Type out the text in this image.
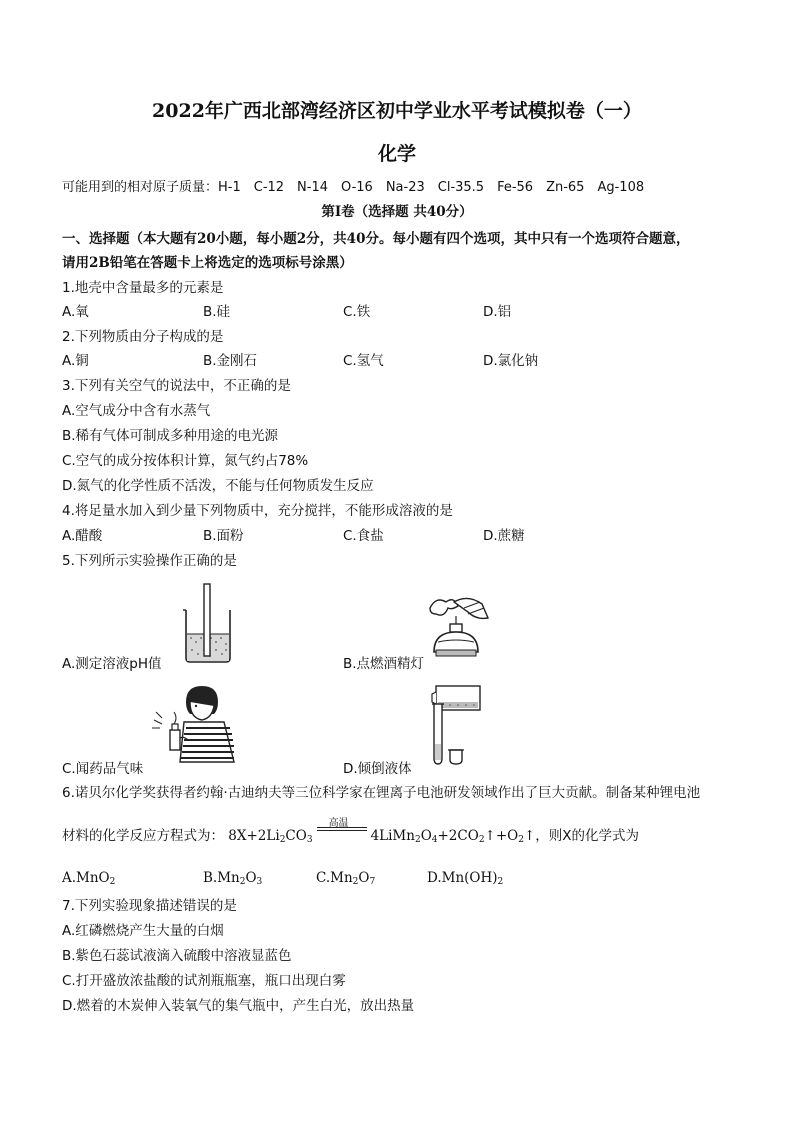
2022年广西北部湾经济区初中学业水平考试模拟卷（一）
化学
可能用到的相对原子质量：H-1　C-12　N-14　O-16　Na-23　Cl-35.5　Fe-56　Zn-65　Ag-108
第Ⅰ卷（选择题 共40分）
一、选择题（本大题有20小题，每小题2分，共40分。每小题有四个选项，其中只有一个选项符合题意，
请用2B铅笔在答题卡上将选定的选项标号涂黑）
1.地壳中含量最多的元素是
A.氧	B.硅	C.铁	D.铝
2.下列物质由分子构成的是
A.铜	B.金刚石	C.氢气	D.氯化钠
3.下列有关空气的说法中，不正确的是
A.空气成分中含有水蒸气
B.稀有气体可制成多种用途的电光源
C.空气的成分按体积计算，氮气约占78%
D.氮气的化学性质不活泼，不能与任何物质发生反应
4.将足量水加入到少量下列物质中，充分搅拌，不能形成溶液的是
A.醋酸	B.面粉	C.食盐	D.蔗糖
5.下列所示实验操作正确的是
A.测定溶液pH值	B.点燃酒精灯
C.闻药品气味	D.倾倒液体
6.诺贝尔化学奖获得者约翰·古迪纳夫等三位科学家在锂离子电池研发领域作出了巨大贡献。制备某种锂电池
材料的化学反应方程式为： $8X+2Li_2CO_3$
高温
$4LiMn_2O_4+2CO_2↑+O_2↑$，则X的化学式为
A.MnO$_2$	$B.Mn_2O_3$	$C.Mn_2O_7$	$D.Mn(OH)_2$
7.下列实验现象描述错误的是
A.红磷燃烧产生大量的白烟
B.紫色石蕊试液滴入硫酸中溶液显蓝色
C.打开盛放浓盐酸的试剂瓶瓶塞，瓶口出现白雾
D.燃着的木炭伸入装氧气的集气瓶中，产生白光，放出热量
